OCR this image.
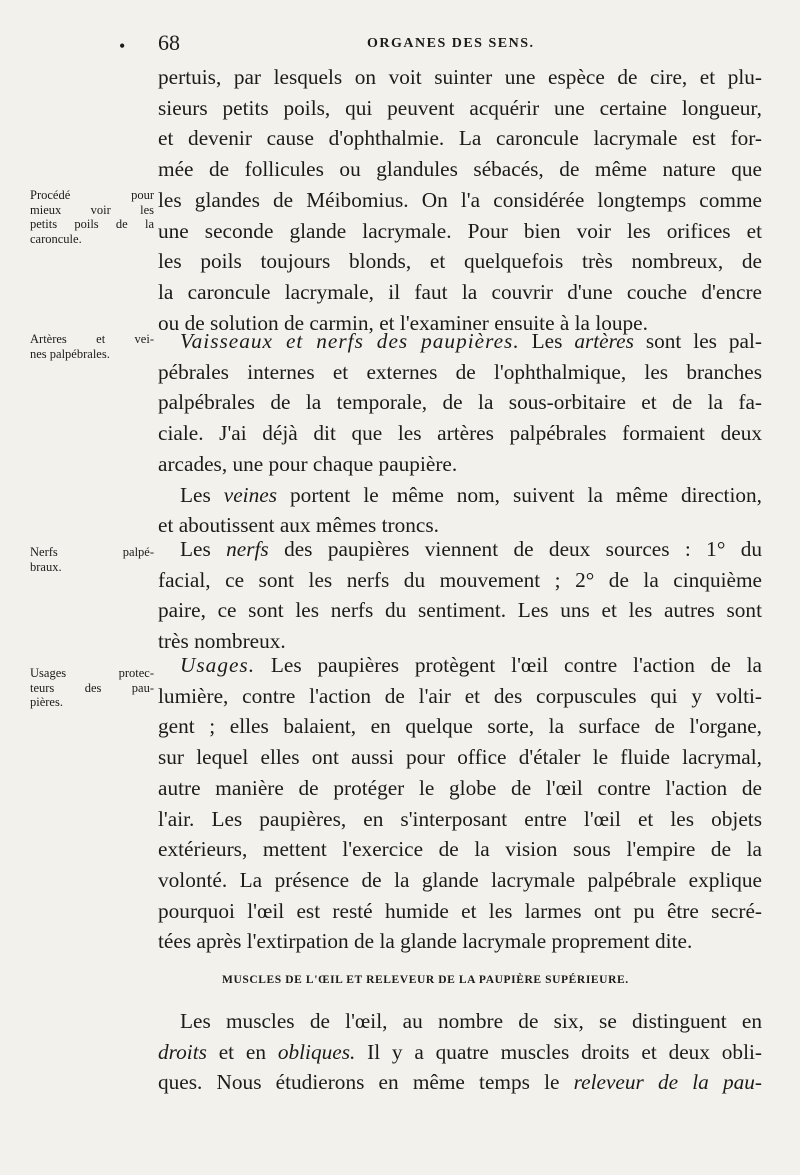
• 68	ORGANES DES SENS.
pertuis, par lesquels on voit suinter une espèce de cire, et plu-
sieurs petits poils, qui peuvent acquérir une certaine longueur,
et devenir cause d'ophthalmie. La caroncule lacrymale est for-
mée de follicules ou glandules sébacés, de même nature que
les glandes de Méibomius. On l'a considérée longtemps comme
une seconde glande lacrymale. Pour bien voir les orifices et
les poils toujours blonds, et quelquefois très nombreux, de
la caroncule lacrymale, il faut la couvrir d'une couche d'encre
ou de solution de carmin, et l'examiner ensuite à la loupe.
Vaisseaux et nerfs des paupières. Les artères sont les pal-
pébrales internes et externes de l'ophthalmique, les branches
palpébrales de la temporale, de la sous-orbitaire et de la fa-
ciale. J'ai déjà dit que les artères palpébrales formaient deux
arcades, une pour chaque paupière.
Les veines portent le même nom, suivent la même direction,
et aboutissent aux mêmes troncs.
Les nerfs des paupières viennent de deux sources : 1° du
facial, ce sont les nerfs du mouvement ; 2° de la cinquième
paire, ce sont les nerfs du sentiment. Les uns et les autres sont
très nombreux.
Usages. Les paupières protègent l'œil contre l'action de la
lumière, contre l'action de l'air et des corpuscules qui y volti-
gent ; elles balaient, en quelque sorte, la surface de l'organe,
sur lequel elles ont aussi pour office d'étaler le fluide lacrymal,
autre manière de protéger le globe de l'œil contre l'action de
l'air. Les paupières, en s'interposant entre l'œil et les objets
extérieurs, mettent l'exercice de la vision sous l'empire de la
volonté. La présence de la glande lacrymale palpébrale explique
pourquoi l'œil est resté humide et les larmes ont pu être secré-
tées après l'extirpation de la glande lacrymale proprement dite.
MUSCLES DE L'ŒIL ET RELEVEUR DE LA PAUPIÈRE SUPÉRIEURE.
Les muscles de l'œil, au nombre de six, se distinguent en
droits et en obliques. Il y a quatre muscles droits et deux obli-
ques. Nous étudierons en même temps le releveur de la pau-
Procédé pour
mieux voir les
petits poils de la
caroncule.
Artères et vei-
nes palpébrales.
Nerfs palpé-
braux.
Usages protec-
teurs des pau-
pières.
